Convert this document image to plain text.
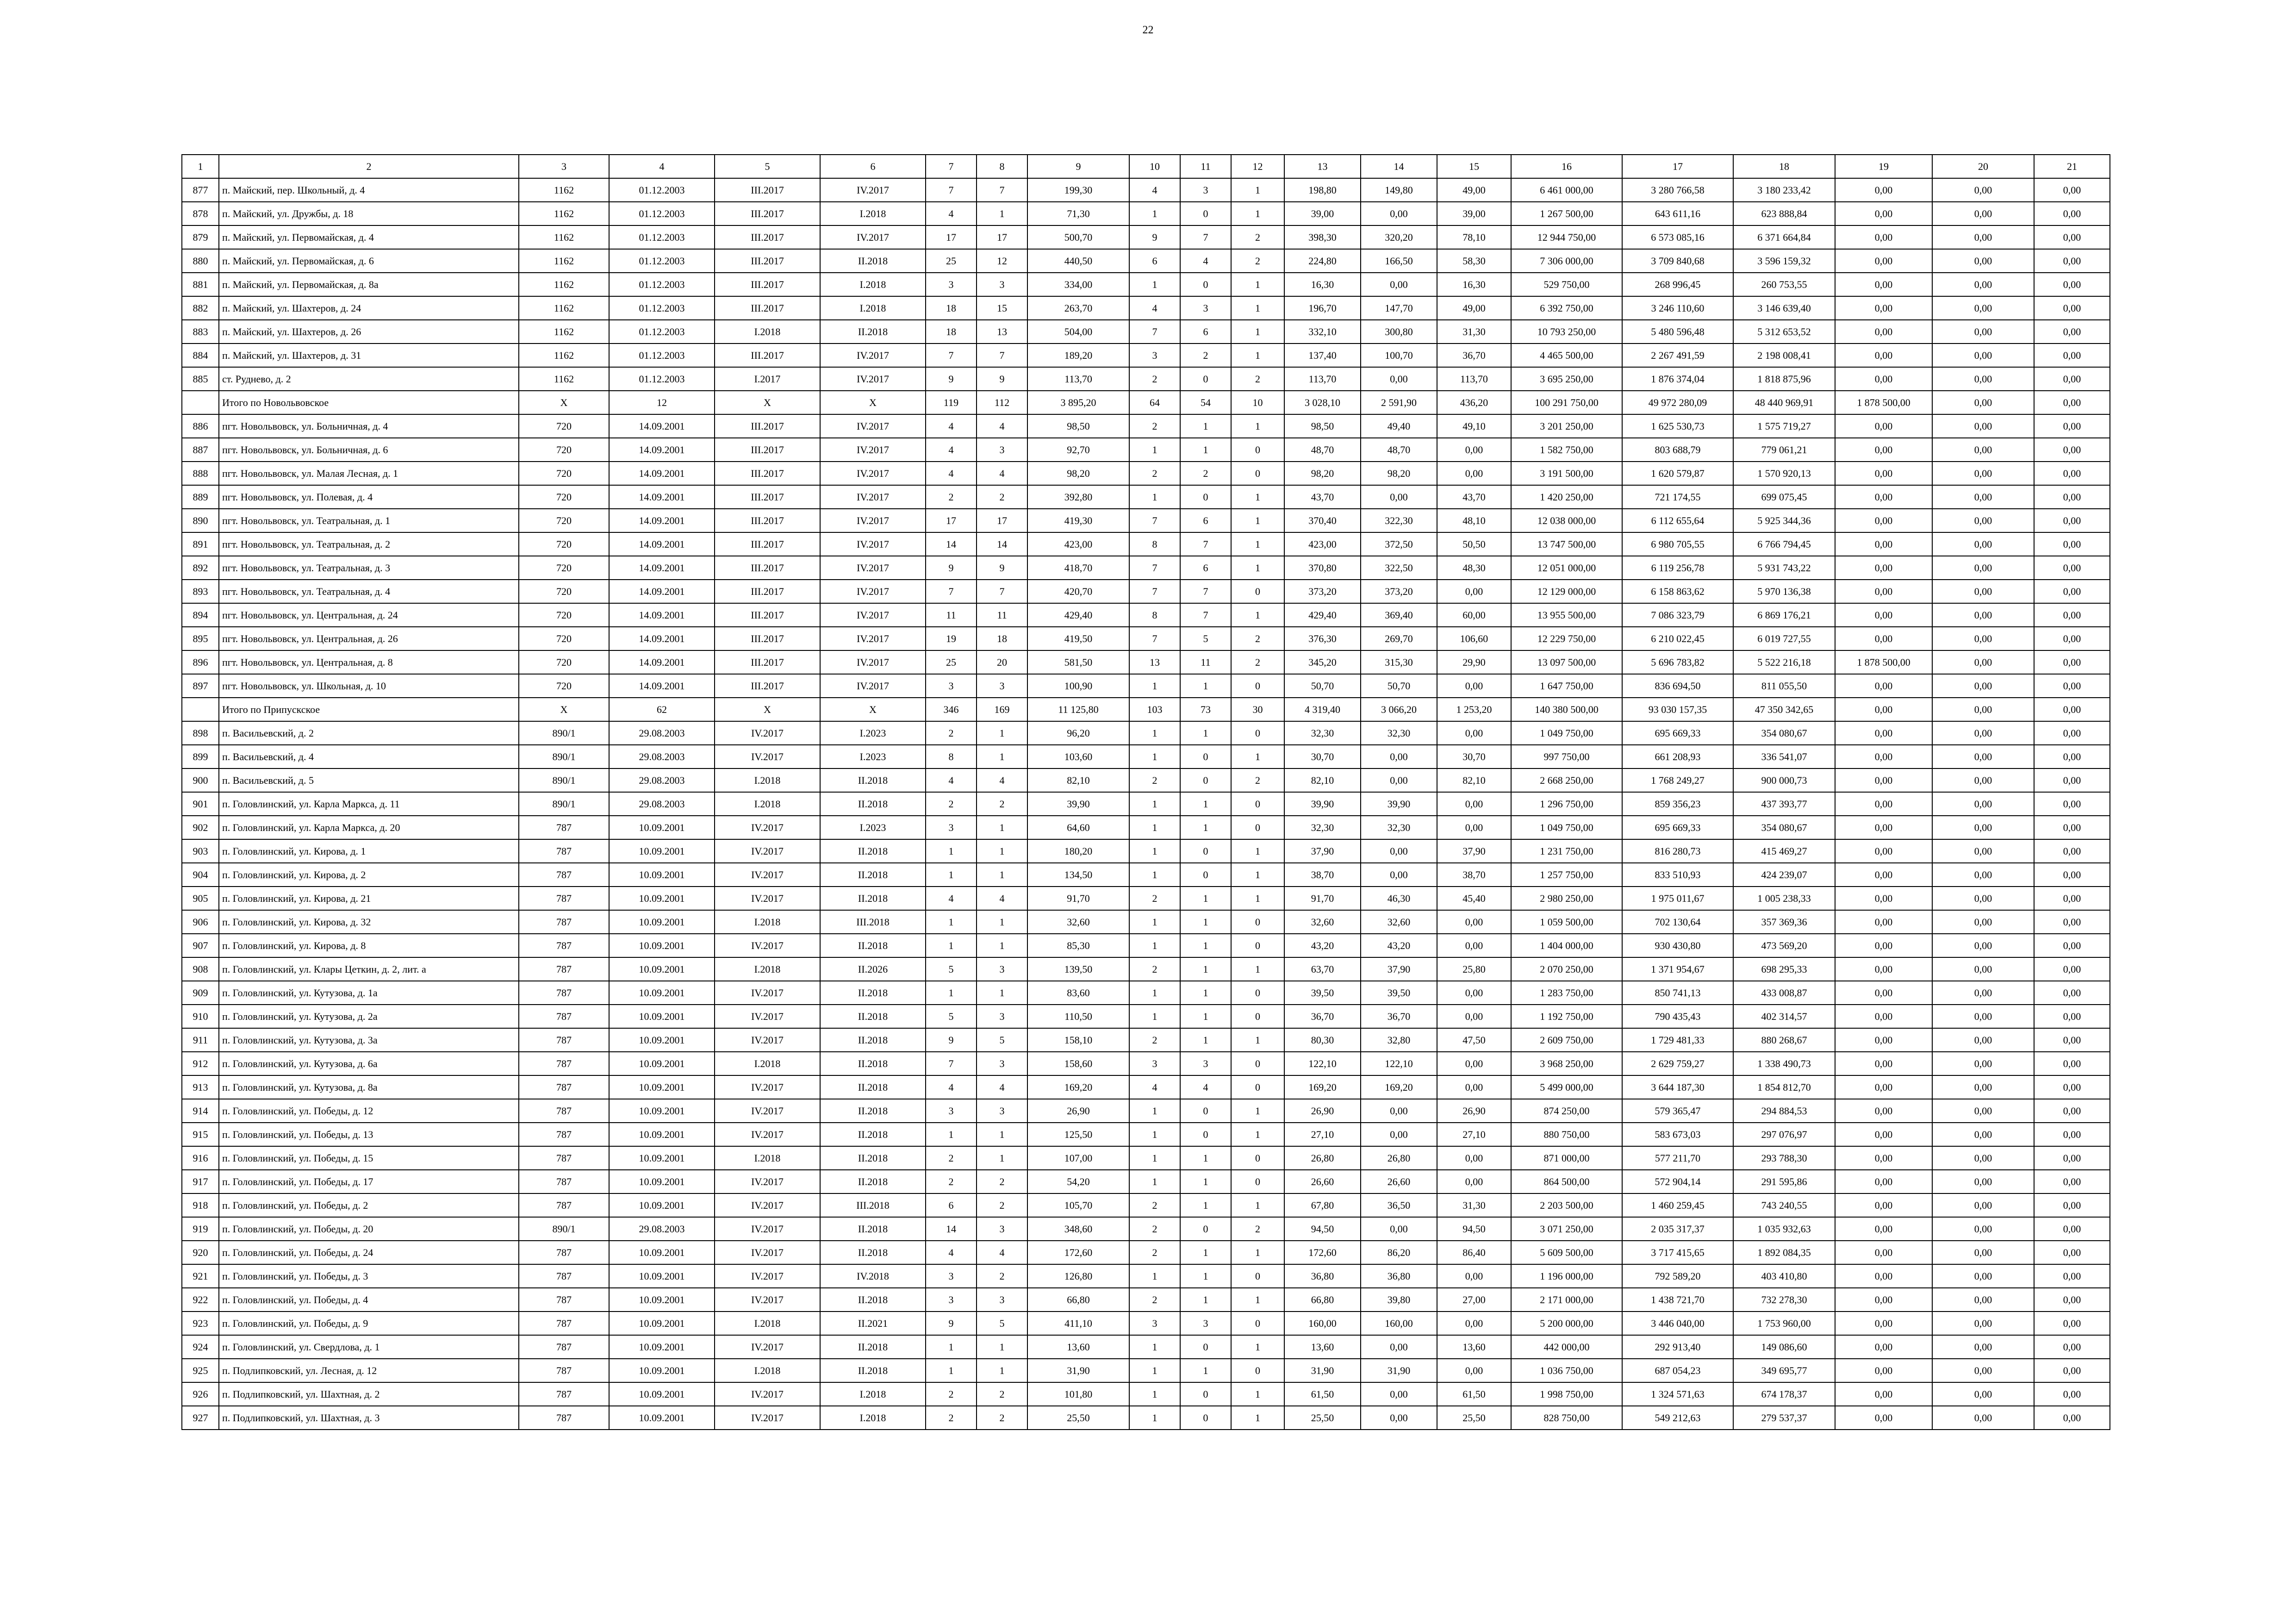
22
1	2	3	4	5	6	7	8	9	10	11	12	13	14	15	16	17	18	19	20	21
877	п. Майский, пер. Школьный, д. 4	1162	01.12.2003	III.2017	IV.2017	7	7	199,30	4	3	1	198,80	149,80	49,00	6 461 000,00	3 280 766,58	3 180 233,42	0,00	0,00	0,00
878	п. Майский, ул. Дружбы, д. 18	1162	01.12.2003	III.2017	I.2018	4	1	71,30	1	0	1	39,00	0,00	39,00	1 267 500,00	643 611,16	623 888,84	0,00	0,00	0,00
879	п. Майский, ул. Первомайская, д. 4	1162	01.12.2003	III.2017	IV.2017	17	17	500,70	9	7	2	398,30	320,20	78,10	12 944 750,00	6 573 085,16	6 371 664,84	0,00	0,00	0,00
880	п. Майский, ул. Первомайская, д. 6	1162	01.12.2003	III.2017	II.2018	25	12	440,50	6	4	2	224,80	166,50	58,30	7 306 000,00	3 709 840,68	3 596 159,32	0,00	0,00	0,00
881	п. Майский, ул. Первомайская, д. 8а	1162	01.12.2003	III.2017	I.2018	3	3	334,00	1	0	1	16,30	0,00	16,30	529 750,00	268 996,45	260 753,55	0,00	0,00	0,00
882	п. Майский, ул. Шахтеров, д. 24	1162	01.12.2003	III.2017	I.2018	18	15	263,70	4	3	1	196,70	147,70	49,00	6 392 750,00	3 246 110,60	3 146 639,40	0,00	0,00	0,00
883	п. Майский, ул. Шахтеров, д. 26	1162	01.12.2003	I.2018	II.2018	18	13	504,00	7	6	1	332,10	300,80	31,30	10 793 250,00	5 480 596,48	5 312 653,52	0,00	0,00	0,00
884	п. Майский, ул. Шахтеров, д. 31	1162	01.12.2003	III.2017	IV.2017	7	7	189,20	3	2	1	137,40	100,70	36,70	4 465 500,00	2 267 491,59	2 198 008,41	0,00	0,00	0,00
885	ст. Руднево, д. 2	1162	01.12.2003	I.2017	IV.2017	9	9	113,70	2	0	2	113,70	0,00	113,70	3 695 250,00	1 876 374,04	1 818 875,96	0,00	0,00	0,00
	Итого по Новольвовское	Х	12	Х	Х	119	112	3 895,20	64	54	10	3 028,10	2 591,90	436,20	100 291 750,00	49 972 280,09	48 440 969,91	1 878 500,00	0,00	0,00
886	пгт. Новольвовск, ул. Больничная, д. 4	720	14.09.2001	III.2017	IV.2017	4	4	98,50	2	1	1	98,50	49,40	49,10	3 201 250,00	1 625 530,73	1 575 719,27	0,00	0,00	0,00
887	пгт. Новольвовск, ул. Больничная, д. 6	720	14.09.2001	III.2017	IV.2017	4	3	92,70	1	1	0	48,70	48,70	0,00	1 582 750,00	803 688,79	779 061,21	0,00	0,00	0,00
888	пгт. Новольвовск, ул. Малая Лесная, д. 1	720	14.09.2001	III.2017	IV.2017	4	4	98,20	2	2	0	98,20	98,20	0,00	3 191 500,00	1 620 579,87	1 570 920,13	0,00	0,00	0,00
889	пгт. Новольвовск, ул. Полевая, д. 4	720	14.09.2001	III.2017	IV.2017	2	2	392,80	1	0	1	43,70	0,00	43,70	1 420 250,00	721 174,55	699 075,45	0,00	0,00	0,00
890	пгт. Новольвовск, ул. Театральная, д. 1	720	14.09.2001	III.2017	IV.2017	17	17	419,30	7	6	1	370,40	322,30	48,10	12 038 000,00	6 112 655,64	5 925 344,36	0,00	0,00	0,00
891	пгт. Новольвовск, ул. Театральная, д. 2	720	14.09.2001	III.2017	IV.2017	14	14	423,00	8	7	1	423,00	372,50	50,50	13 747 500,00	6 980 705,55	6 766 794,45	0,00	0,00	0,00
892	пгт. Новольвовск, ул. Театральная, д. 3	720	14.09.2001	III.2017	IV.2017	9	9	418,70	7	6	1	370,80	322,50	48,30	12 051 000,00	6 119 256,78	5 931 743,22	0,00	0,00	0,00
893	пгт. Новольвовск, ул. Театральная, д. 4	720	14.09.2001	III.2017	IV.2017	7	7	420,70	7	7	0	373,20	373,20	0,00	12 129 000,00	6 158 863,62	5 970 136,38	0,00	0,00	0,00
894	пгт. Новольвовск, ул. Центральная, д. 24	720	14.09.2001	III.2017	IV.2017	11	11	429,40	8	7	1	429,40	369,40	60,00	13 955 500,00	7 086 323,79	6 869 176,21	0,00	0,00	0,00
895	пгт. Новольвовск, ул. Центральная, д. 26	720	14.09.2001	III.2017	IV.2017	19	18	419,50	7	5	2	376,30	269,70	106,60	12 229 750,00	6 210 022,45	6 019 727,55	0,00	0,00	0,00
896	пгт. Новольвовск, ул. Центральная, д. 8	720	14.09.2001	III.2017	IV.2017	25	20	581,50	13	11	2	345,20	315,30	29,90	13 097 500,00	5 696 783,82	5 522 216,18	1 878 500,00	0,00	0,00
897	пгт. Новольвовск, ул. Школьная, д. 10	720	14.09.2001	III.2017	IV.2017	3	3	100,90	1	1	0	50,70	50,70	0,00	1 647 750,00	836 694,50	811 055,50	0,00	0,00	0,00
	Итого по Припускское	Х	62	Х	Х	346	169	11 125,80	103	73	30	4 319,40	3 066,20	1 253,20	140 380 500,00	93 030 157,35	47 350 342,65	0,00	0,00	0,00
898	п. Васильевский, д. 2	890/1	29.08.2003	IV.2017	I.2023	2	1	96,20	1	1	0	32,30	32,30	0,00	1 049 750,00	695 669,33	354 080,67	0,00	0,00	0,00
899	п. Васильевский, д. 4	890/1	29.08.2003	IV.2017	I.2023	8	1	103,60	1	0	1	30,70	0,00	30,70	997 750,00	661 208,93	336 541,07	0,00	0,00	0,00
900	п. Васильевский, д. 5	890/1	29.08.2003	I.2018	II.2018	4	4	82,10	2	0	2	82,10	0,00	82,10	2 668 250,00	1 768 249,27	900 000,73	0,00	0,00	0,00
901	п. Головлинский, ул. Карла Маркса, д. 11	890/1	29.08.2003	I.2018	II.2018	2	2	39,90	1	1	0	39,90	39,90	0,00	1 296 750,00	859 356,23	437 393,77	0,00	0,00	0,00
902	п. Головлинский, ул. Карла Маркса, д. 20	787	10.09.2001	IV.2017	I.2023	3	1	64,60	1	1	0	32,30	32,30	0,00	1 049 750,00	695 669,33	354 080,67	0,00	0,00	0,00
903	п. Головлинский, ул. Кирова, д. 1	787	10.09.2001	IV.2017	II.2018	1	1	180,20	1	0	1	37,90	0,00	37,90	1 231 750,00	816 280,73	415 469,27	0,00	0,00	0,00
904	п. Головлинский, ул. Кирова, д. 2	787	10.09.2001	IV.2017	II.2018	1	1	134,50	1	0	1	38,70	0,00	38,70	1 257 750,00	833 510,93	424 239,07	0,00	0,00	0,00
905	п. Головлинский, ул. Кирова, д. 21	787	10.09.2001	IV.2017	II.2018	4	4	91,70	2	1	1	91,70	46,30	45,40	2 980 250,00	1 975 011,67	1 005 238,33	0,00	0,00	0,00
906	п. Головлинский, ул. Кирова, д. 32	787	10.09.2001	I.2018	III.2018	1	1	32,60	1	1	0	32,60	32,60	0,00	1 059 500,00	702 130,64	357 369,36	0,00	0,00	0,00
907	п. Головлинский, ул. Кирова, д. 8	787	10.09.2001	IV.2017	II.2018	1	1	85,30	1	1	0	43,20	43,20	0,00	1 404 000,00	930 430,80	473 569,20	0,00	0,00	0,00
908	п. Головлинский, ул. Клары Цеткин, д. 2, лит. а	787	10.09.2001	I.2018	II.2026	5	3	139,50	2	1	1	63,70	37,90	25,80	2 070 250,00	1 371 954,67	698 295,33	0,00	0,00	0,00
909	п. Головлинский, ул. Кутузова, д. 1а	787	10.09.2001	IV.2017	II.2018	1	1	83,60	1	1	0	39,50	39,50	0,00	1 283 750,00	850 741,13	433 008,87	0,00	0,00	0,00
910	п. Головлинский, ул. Кутузова, д. 2а	787	10.09.2001	IV.2017	II.2018	5	3	110,50	1	1	0	36,70	36,70	0,00	1 192 750,00	790 435,43	402 314,57	0,00	0,00	0,00
911	п. Головлинский, ул. Кутузова, д. 3а	787	10.09.2001	IV.2017	II.2018	9	5	158,10	2	1	1	80,30	32,80	47,50	2 609 750,00	1 729 481,33	880 268,67	0,00	0,00	0,00
912	п. Головлинский, ул. Кутузова, д. 6а	787	10.09.2001	I.2018	II.2018	7	3	158,60	3	3	0	122,10	122,10	0,00	3 968 250,00	2 629 759,27	1 338 490,73	0,00	0,00	0,00
913	п. Головлинский, ул. Кутузова, д. 8а	787	10.09.2001	IV.2017	II.2018	4	4	169,20	4	4	0	169,20	169,20	0,00	5 499 000,00	3 644 187,30	1 854 812,70	0,00	0,00	0,00
914	п. Головлинский, ул. Победы, д. 12	787	10.09.2001	IV.2017	II.2018	3	3	26,90	1	0	1	26,90	0,00	26,90	874 250,00	579 365,47	294 884,53	0,00	0,00	0,00
915	п. Головлинский, ул. Победы, д. 13	787	10.09.2001	IV.2017	II.2018	1	1	125,50	1	0	1	27,10	0,00	27,10	880 750,00	583 673,03	297 076,97	0,00	0,00	0,00
916	п. Головлинский, ул. Победы, д. 15	787	10.09.2001	I.2018	II.2018	2	1	107,00	1	1	0	26,80	26,80	0,00	871 000,00	577 211,70	293 788,30	0,00	0,00	0,00
917	п. Головлинский, ул. Победы, д. 17	787	10.09.2001	IV.2017	II.2018	2	2	54,20	1	1	0	26,60	26,60	0,00	864 500,00	572 904,14	291 595,86	0,00	0,00	0,00
918	п. Головлинский, ул. Победы, д. 2	787	10.09.2001	IV.2017	III.2018	6	2	105,70	2	1	1	67,80	36,50	31,30	2 203 500,00	1 460 259,45	743 240,55	0,00	0,00	0,00
919	п. Головлинский, ул. Победы, д. 20	890/1	29.08.2003	IV.2017	II.2018	14	3	348,60	2	0	2	94,50	0,00	94,50	3 071 250,00	2 035 317,37	1 035 932,63	0,00	0,00	0,00
920	п. Головлинский, ул. Победы, д. 24	787	10.09.2001	IV.2017	II.2018	4	4	172,60	2	1	1	172,60	86,20	86,40	5 609 500,00	3 717 415,65	1 892 084,35	0,00	0,00	0,00
921	п. Головлинский, ул. Победы, д. 3	787	10.09.2001	IV.2017	IV.2018	3	2	126,80	1	1	0	36,80	36,80	0,00	1 196 000,00	792 589,20	403 410,80	0,00	0,00	0,00
922	п. Головлинский, ул. Победы, д. 4	787	10.09.2001	IV.2017	II.2018	3	3	66,80	2	1	1	66,80	39,80	27,00	2 171 000,00	1 438 721,70	732 278,30	0,00	0,00	0,00
923	п. Головлинский, ул. Победы, д. 9	787	10.09.2001	I.2018	II.2021	9	5	411,10	3	3	0	160,00	160,00	0,00	5 200 000,00	3 446 040,00	1 753 960,00	0,00	0,00	0,00
924	п. Головлинский, ул. Свердлова, д. 1	787	10.09.2001	IV.2017	II.2018	1	1	13,60	1	0	1	13,60	0,00	13,60	442 000,00	292 913,40	149 086,60	0,00	0,00	0,00
925	п. Подлипковский, ул. Лесная, д. 12	787	10.09.2001	I.2018	II.2018	1	1	31,90	1	1	0	31,90	31,90	0,00	1 036 750,00	687 054,23	349 695,77	0,00	0,00	0,00
926	п. Подлипковский, ул. Шахтная, д. 2	787	10.09.2001	IV.2017	I.2018	2	2	101,80	1	0	1	61,50	0,00	61,50	1 998 750,00	1 324 571,63	674 178,37	0,00	0,00	0,00
927	п. Подлипковский, ул. Шахтная, д. 3	787	10.09.2001	IV.2017	I.2018	2	2	25,50	1	0	1	25,50	0,00	25,50	828 750,00	549 212,63	279 537,37	0,00	0,00	0,00
